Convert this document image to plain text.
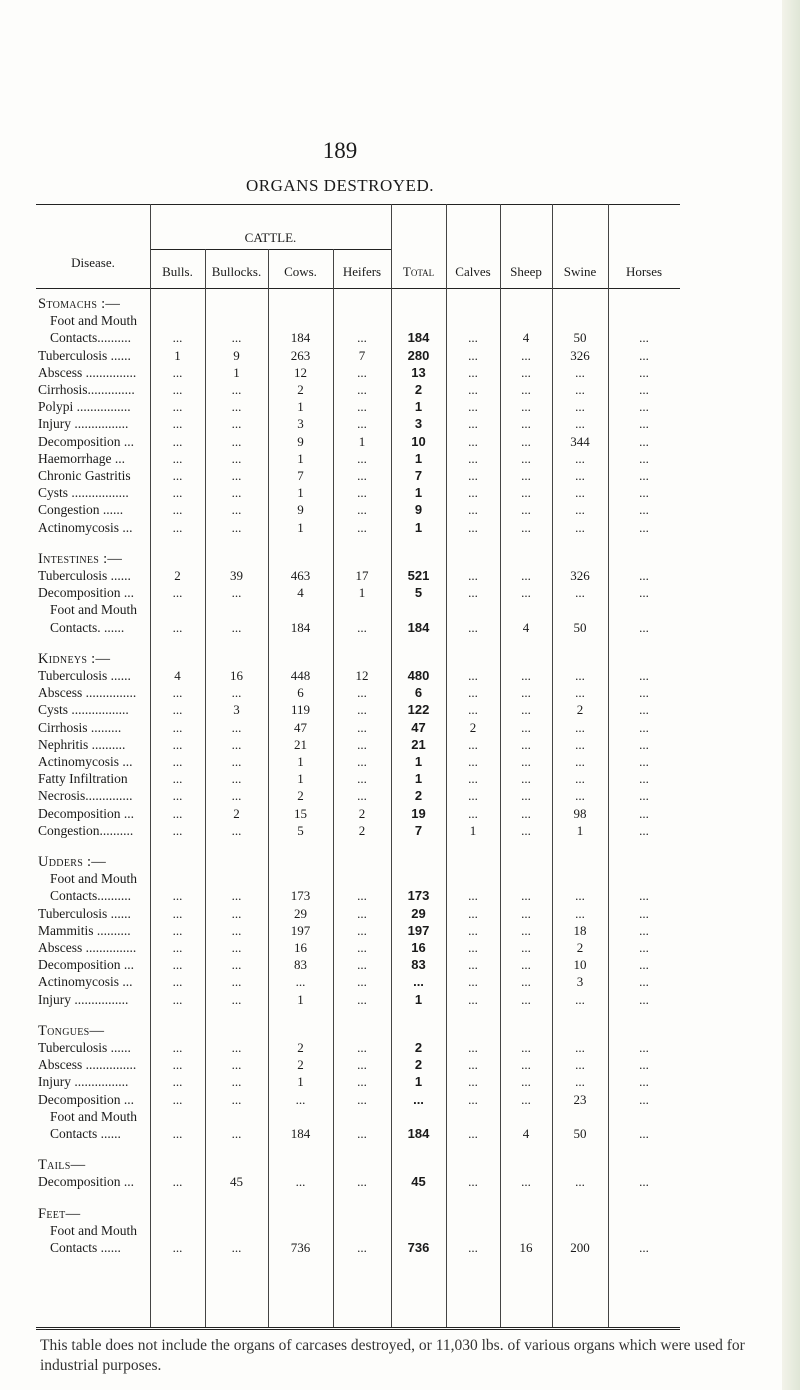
189
ORGANS DESTROYED.
Disease.
CATTLE.
Bulls.	Bullocks.	Cows.	Heifers	Total	Calves	Sheep	Swine	Horses
Stomachs :—
Foot and Mouth
Contacts..........	...	...	184	...	184	...	4	50	...
Tuberculosis ......	1	9	263	7	280	...	...	326	...
Abscess ...............	...	1	12	...	13	...	...	...	...
Cirrhosis..............	...	...	2	...	2	...	...	...	...
Polypi ................	...	...	1	...	1	...	...	...	...
Injury ................	...	...	3	...	3	...	...	...	...
Decomposition ...	...	...	9	1	10	...	...	344	...
Haemorrhage ...	...	...	1	...	1	...	...	...	...
Chronic Gastritis	...	...	7	...	7	...	...	...	...
Cysts .................	...	...	1	...	1	...	...	...	...
Congestion ......	...	...	9	...	9	...	...	...	...
Actinomycosis ...	...	...	1	...	1	...	...	...	...
Intestines :—
Tuberculosis ......	2	39	463	17	521	...	...	326	...
Decomposition ...	...	...	4	1	5	...	...	...	...
Foot and Mouth
Contacts. ......	...	...	184	...	184	...	4	50	...
Kidneys :—
Tuberculosis ......	4	16	448	12	480	...	...	...	...
Abscess ...............	...	...	6	...	6	...	...	...	...
Cysts .................	...	3	119	...	122	...	...	2	...
Cirrhosis .........	...	...	47	...	47	2	...	...	...
Nephritis ..........	...	...	21	...	21	...	...	...	...
Actinomycosis ...	...	...	1	...	1	...	...	...	...
Fatty Infiltration	...	...	1	...	1	...	...	...	...
Necrosis..............	...	...	2	...	2	...	...	...	...
Decomposition ...	...	2	15	2	19	...	...	98	...
Congestion..........	...	...	5	2	7	1	...	1	...
Udders :—
Foot and Mouth
Contacts..........	...	...	173	...	173	...	...	...	...
Tuberculosis ......	...	...	29	...	29	...	...	...	...
Mammitis ..........	...	...	197	...	197	...	...	18	...
Abscess ...............	...	...	16	...	16	...	...	2	...
Decomposition ...	...	...	83	...	83	...	...	10	...
Actinomycosis ...	...	...	...	...	...	...	...	3	...
Injury ................	...	...	1	...	1	...	...	...	...
Tongues—
Tuberculosis ......	...	...	2	...	2	...	...	...	...
Abscess ...............	...	...	2	...	2	...	...	...	...
Injury ................	...	...	1	...	1	...	...	...	...
Decomposition ...	...	...	...	...	...	...	...	23	...
Foot and Mouth
Contacts ......	...	...	184	...	184	...	4	50	...
Tails—
Decomposition ...	...	45	...	...	45	...	...	...	...
Feet—
Foot and Mouth
Contacts ......	...	...	736	...	736	...	16	200	...
This table does not include the organs of carcases destroyed, or 11,030 lbs. of various organs which were used for industrial purposes.
